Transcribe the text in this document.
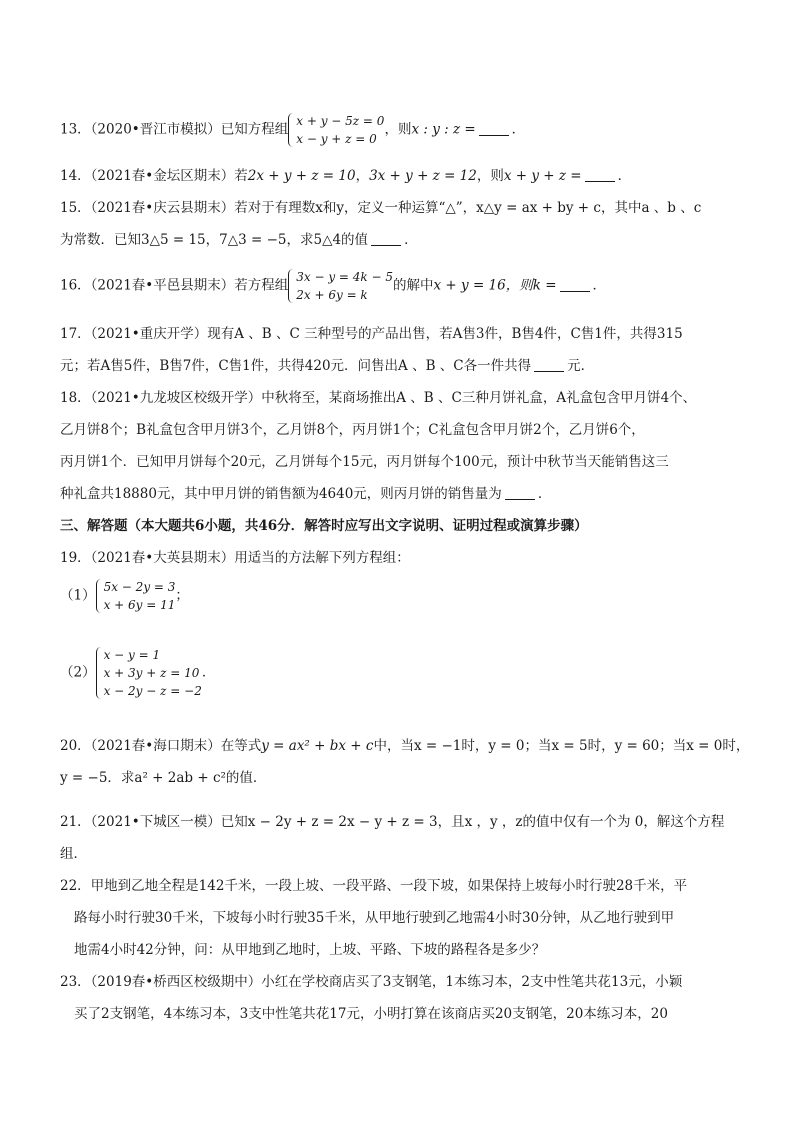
13．（2020•晋江市模拟）已知方程组
x + y − 5z = 0
x − y + z = 0
，则x : y : z =	．
14．（2021春•金坛区期末）若2x + y + z = 10，3x + y + z = 12，则x + y + z =	．
15．（2021春•庆云县期末）若对于有理数x和y，定义一种运算“△”，x△y = ax + by + c，其中a 、b 、c
为常数．已知3△5 = 15，7△3 = −5，求5△4的值	．
16．（2021春•平邑县期末）若方程组
3x − y = 4k − 5
2x + 6y = k
的解中x + y = 16，则k =	．
17．（2021•重庆开学）现有A 、B 、C 三种型号的产品出售，若A售3件，B售4件，C售1件，共得315
元；若A售5件，B售7件，C售1件，共得420元．问售出A 、B 、C各一件共得	元．
18．（2021•九龙坡区校级开学）中秋将至，某商场推出A 、B 、C三种月饼礼盒，A礼盒包含甲月饼4个、
乙月饼8个；B礼盒包含甲月饼3个，乙月饼8个，丙月饼1个；C礼盒包含甲月饼2个，乙月饼6个，
丙月饼1个．已知甲月饼每个20元，乙月饼每个15元，丙月饼每个100元，预计中秋节当天能销售这三
种礼盒共18880元，其中甲月饼的销售额为4640元，则丙月饼的销售量为	．
三、解答题（本大题共6小题，共46分．解答时应写出文字说明、证明过程或演算步骤）
19．（2021春•大英县期末）用适当的方法解下列方程组：
（1）
5x − 2y = 3
x + 6y = 11
；
（2）
x − y = 1
x + 3y + z = 10
x − 2y − z = −2
．
20．（2021春•海口期末）在等式y = ax² + bx + c中，当x = −1时，y = 0；当x = 5时，y = 60；当x = 0时，
y = −5．求a² + 2ab + c²的值．
21．（2021•下城区一模）已知x − 2y + z = 2x − y + z = 3，且x ，y ，z的值中仅有一个为 0，解这个方程
组．
22．甲地到乙地全程是142千米，一段上坡、一段平路、一段下坡，如果保持上坡每小时行驶28千米，平
路每小时行驶30千米，下坡每小时行驶35千米，从甲地行驶到乙地需4小时30分钟，从乙地行驶到甲
地需4小时42分钟，问：从甲地到乙地时，上坡、平路、下坡的路程各是多少？
23．（2019春•桥西区校级期中）小红在学校商店买了3支钢笔，1本练习本，2支中性笔共花13元，小颖
买了2支钢笔，4本练习本，3支中性笔共花17元，小明打算在该商店买20支钢笔，20本练习本，20
